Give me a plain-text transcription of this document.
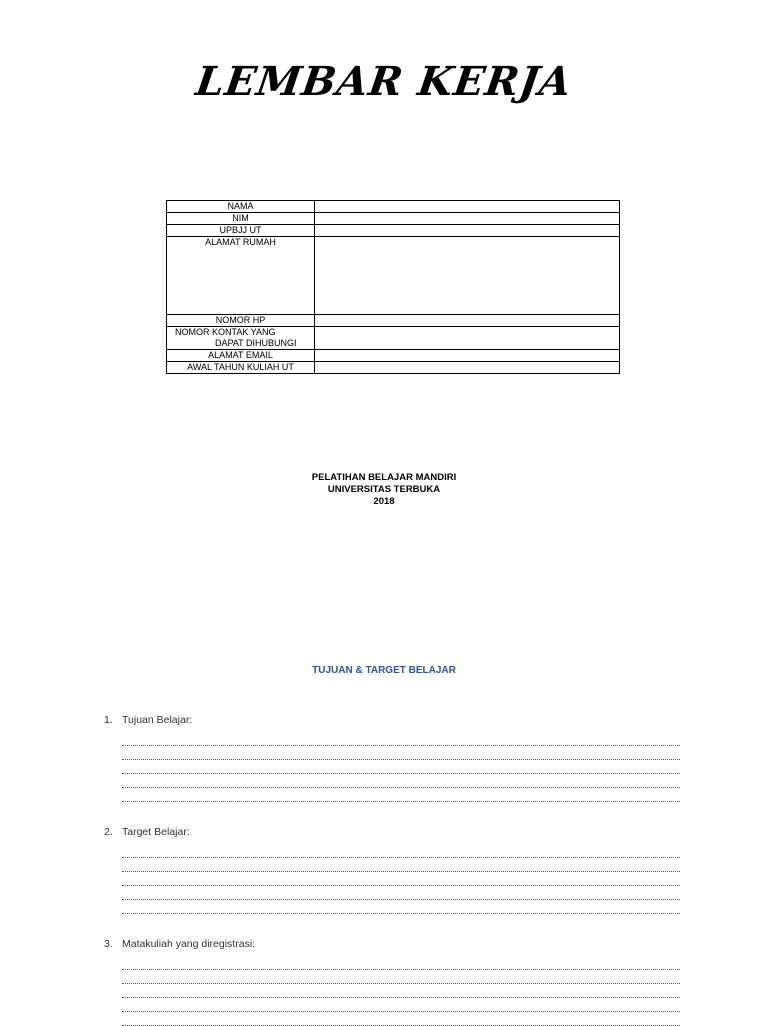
LEMBAR KERJA
NAMA	
NIM	
UPBJJ UT	
ALAMAT RUMAH	
NOMOR HP	

NOMOR KONTAK YANG
DAPAT DIHUBUNGI	

ALAMAT EMAIL	
AWAL TAHUN KULIAH UT	
PELATIHAN BELAJAR MANDIRI
UNIVERSITAS TERBUKA
2018
TUJUAN & TARGET BELAJAR
1. Tujuan Belajar:
2. Target Belajar:
3. Matakuliah yang diregistrasi:
